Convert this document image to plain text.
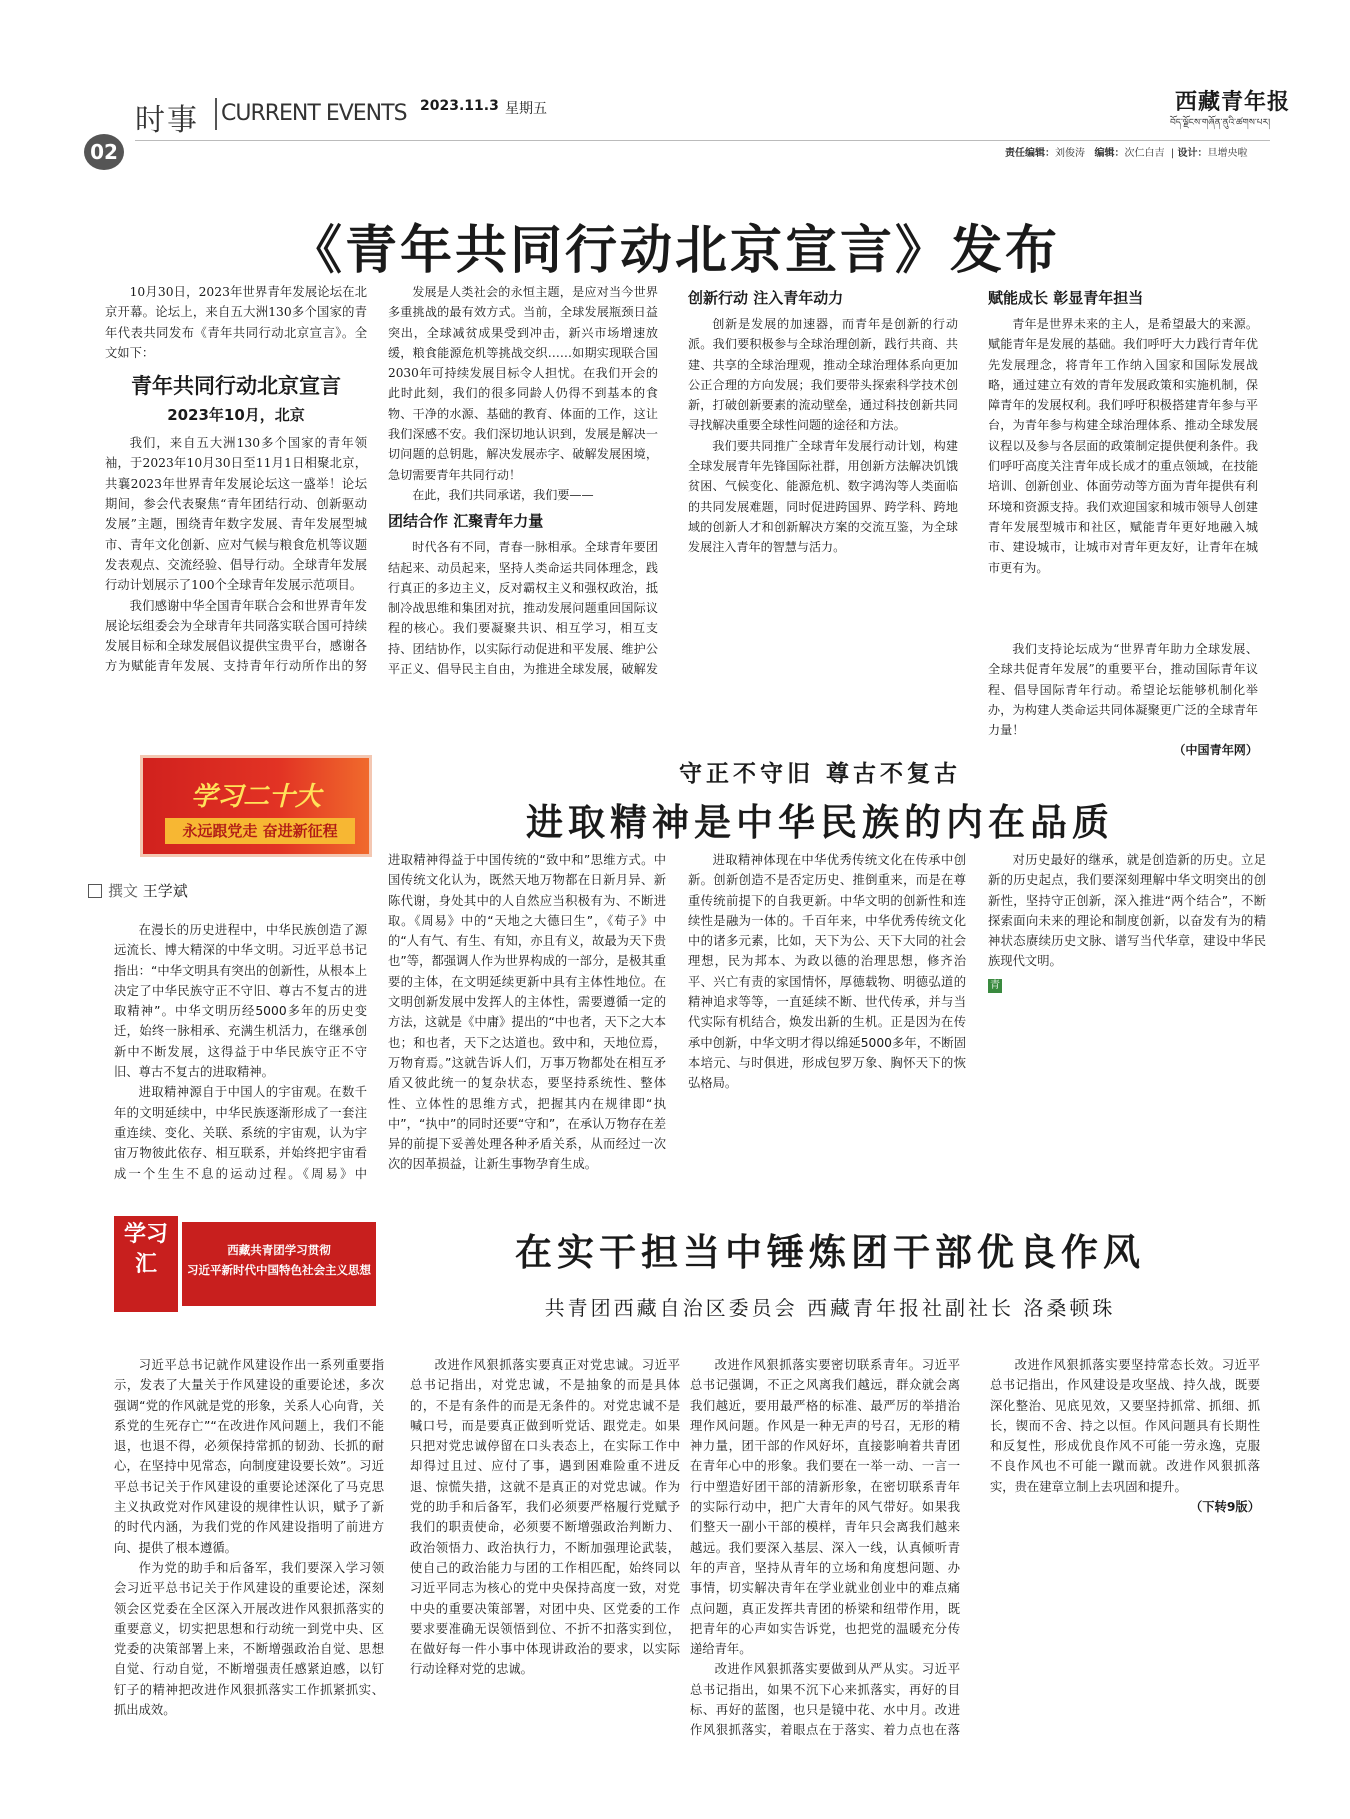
时事 CURRENT EVENTS
02
2023.11.3 星期五	西藏青年报
བོད་ལྗོངས་གཞོན་ནུའི་ཚགས་པར།
责任编辑：刘俊涛 编辑：次仁白吉  | 设计：旦增央啦
《青年共同行动北京宣言》发布

10月30日，2023年世界青年发展论坛在北京开幕。论坛上，来自五大洲130多个国家的青年代表共同发布《青年共同行动北京宣言》。全文如下：

青年共同行动北京宣言
2023年10月，北京

我们，来自五大洲130多个国家的青年领袖，于2023年10月30日至11月1日相聚北京，共襄2023年世界青年发展论坛这一盛举！论坛期间，参会代表聚焦“青年团结行动、创新驱动发展”主题，围绕青年数字发展、青年发展型城市、青年文化创新、应对气候与粮食危机等议题发表观点、交流经验、倡导行动。全球青年发展行动计划展示了100个全球青年发展示范项目。

我们感谢中华全国青年联合会和世界青年发展论坛组委会为全球青年共同落实联合国可持续发展目标和全球发展倡议提供宝贵平台，感谢各方为赋能青年发展、支持青年行动所作出的努

发展是人类社会的永恒主题，是应对当今世界多重挑战的最有效方式。当前，全球发展瓶颈日益突出，全球减贫成果受到冲击，新兴市场增速放缓，粮食能源危机等挑战交织……如期实现联合国2030年可持续发展目标令人担忧。在我们开会的此时此刻，我们的很多同龄人仍得不到基本的食物、干净的水源、基础的教育、体面的工作，这让我们深感不安。我们深切地认识到，发展是解决一切问题的总钥匙，解决发展赤字、破解发展困境，急切需要青年共同行动！

在此，我们共同承诺，我们要——

团结合作 汇聚青年力量

时代各有不同，青春一脉相承。全球青年要团结起来、动员起来，坚持人类命运共同体理念，践行真正的多边主义，反对霸权主义和强权政治，抵制冷战思维和集团对抗，推动发展问题重回国际议程的核心。我们要凝聚共识、相互学习，相互支持、团结协作，以实际行动促进和平发展、维护公平正义、倡导民主自由，为推进全球发展，破解发

创新行动 注入青年动力

创新是发展的加速器，而青年是创新的行动派。我们要积极参与全球治理创新，践行共商、共建、共享的全球治理观，推动全球治理体系向更加公正合理的方向发展；我们要带头探索科学技术创新，打破创新要素的流动壁垒，通过科技创新共同寻找解决重要全球性问题的途径和方法。

我们要共同推广全球青年发展行动计划，构建全球发展青年先锋国际社群，用创新方法解决饥饿贫困、气候变化、能源危机、数字鸿沟等人类面临的共同发展难题，同时促进跨国界、跨学科、跨地域的创新人才和创新解决方案的交流互鉴，为全球发展注入青年的智慧与活力。

赋能成长 彰显青年担当

青年是世界未来的主人，是希望最大的来源。赋能青年是发展的基础。我们呼吁大力践行青年优先发展理念，将青年工作纳入国家和国际发展战略，通过建立有效的青年发展政策和实施机制，保障青年的发展权利。我们呼吁积极搭建青年参与平台，为青年参与构建全球治理体系、推动全球发展议程以及参与各层面的政策制定提供便利条件。我们呼吁高度关注青年成长成才的重点领域，在技能培训、创新创业、体面劳动等方面为青年提供有利环境和资源支持。我们欢迎国家和城市领导人创建青年发展型城市和社区，赋能青年更好地融入城市、建设城市，让城市对青年更友好，让青年在城市更有为。

我们支持论坛成为“世界青年助力全球发展、全球共促青年发展”的重要平台，推动国际青年议程、倡导国际青年行动。希望论坛能够机制化举办，为构建人类命运共同体凝聚更广泛的全球青年力量！

（中国青年网）

学习二十大
永远跟党走 奋进新征程
守正不守旧 尊古不复古
进取精神是中华民族的内在品质
撰文 王学斌

在漫长的历史进程中，中华民族创造了源远流长、博大精深的中华文明。习近平总书记指出：“中华文明具有突出的创新性，从根本上决定了中华民族守正不守旧、尊古不复古的进取精神”。中华文明历经5000多年的历史变迁，始终一脉相承、充满生机活力，在继承创新中不断发展，这得益于中华民族守正不守旧、尊古不复古的进取精神。

进取精神源自于中国人的宇宙观。在数千年的文明延续中，中华民族逐渐形成了一套注重连续、变化、关联、系统的宇宙观，认为宇宙万物彼此依存、相互联系，并始终把宇宙看成一个生生不息的运动过程。《周易》中

进取精神得益于中国传统的“致中和”思维方式。中国传统文化认为，既然天地万物都在日新月异、新陈代谢，身处其中的人自然应当积极有为、不断进取。《周易》中的“天地之大德曰生”，《荀子》中的“人有气、有生、有知，亦且有义，故最为天下贵也”等，都强调人作为世界构成的一部分，是极其重要的主体，在文明延续更新中具有主体性地位。在文明创新发展中发挥人的主体性，需要遵循一定的方法，这就是《中庸》提出的“中也者，天下之大本也；和也者，天下之达道也。致中和，天地位焉，万物育焉。”这就告诉人们，万事万物都处在相互矛盾又彼此统一的复杂状态，要坚持系统性、整体性、立体性的思维方式，把握其内在规律即“执中”，“执中”的同时还要“守和”，在承认万物存在差异的前提下妥善处理各种矛盾关系，从而经过一次次的因革损益，让新生事物孕育生成。

进取精神体现在中华优秀传统文化在传承中创新。创新创造不是否定历史、推倒重来，而是在尊重传统前提下的自我更新。中华文明的创新性和连续性是融为一体的。千百年来，中华优秀传统文化中的诸多元素，比如，天下为公、天下大同的社会理想，民为邦本、为政以德的治理思想，修齐治平、兴亡有责的家国情怀，厚德载物、明德弘道的精神追求等等，一直延续不断、世代传承，并与当代实际有机结合，焕发出新的生机。正是因为在传承中创新，中华文明才得以绵延5000多年，不断固本培元、与时俱进，形成包罗万象、胸怀天下的恢弘格局。

对历史最好的继承，就是创造新的历史。立足新的历史起点，我们要深刻理解中华文明突出的创新性，坚持守正创新，深入推进“两个结合”，不断探索面向未来的理论和制度创新，以奋发有为的精神状态赓续历史文脉、谱写当代华章，建设中华民族现代文明。

青

学习汇
西藏共青团学习贯彻
习近平新时代中国特色社会主义思想	在实干担当中锤炼团干部优良作风
共青团西藏自治区委员会 西藏青年报社副社长 洛桑顿珠

习近平总书记就作风建设作出一系列重要指示，发表了大量关于作风建设的重要论述，多次强调“党的作风就是党的形象，关系人心向背，关系党的生死存亡”“在改进作风问题上，我们不能退，也退不得，必须保持常抓的韧劲、长抓的耐心，在坚持中见常态，向制度建设要长效”。习近平总书记关于作风建设的重要论述深化了马克思主义执政党对作风建设的规律性认识，赋予了新的时代内涵，为我们党的作风建设指明了前进方向、提供了根本遵循。

作为党的助手和后备军，我们要深入学习领会习近平总书记关于作风建设的重要论述，深刻领会区党委在全区深入开展改进作风狠抓落实的重要意义，切实把思想和行动统一到党中央、区党委的决策部署上来，不断增强政治自觉、思想自觉、行动自觉，不断增强责任感紧迫感，以钉钉子的精神把改进作风狠抓落实工作抓紧抓实、抓出成效。

改进作风狠抓落实要真正对党忠诚。习近平总书记指出，对党忠诚，不是抽象的而是具体的，不是有条件的而是无条件的。对党忠诚不是喊口号，而是要真正做到听党话、跟党走。如果只把对党忠诚停留在口头表态上，在实际工作中却得过且过、应付了事，遇到困难险重不进反退、惊慌失措，这就不是真正的对党忠诚。作为党的助手和后备军，我们必须要严格履行党赋予我们的职责使命，必须要不断增强政治判断力、政治领悟力、政治执行力，不断加强理论武装，使自己的政治能力与团的工作相匹配，始终同以习近平同志为核心的党中央保持高度一致，对党中央的重要决策部署，对团中央、区党委的工作要求要准确无误领悟到位、不折不扣落实到位，在做好每一件小事中体现讲政治的要求，以实际行动诠释对党的忠诚。

改进作风狠抓落实要密切联系青年。习近平总书记强调，不正之风离我们越远，群众就会离我们越近，要用最严格的标准、最严厉的举措治理作风问题。作风是一种无声的号召，无形的精神力量，团干部的作风好坏，直接影响着共青团在青年心中的形象。我们要在一举一动、一言一行中塑造好团干部的清新形象，在密切联系青年的实际行动中，把广大青年的风气带好。如果我们整天一副小干部的模样，青年只会离我们越来越远。我们要深入基层、深入一线，认真倾听青年的声音，坚持从青年的立场和角度想问题、办事情，切实解决青年在学业就业创业中的难点痛点问题，真正发挥共青团的桥梁和纽带作用，既把青年的心声如实告诉党，也把党的温暖充分传递给青年。

改进作风狠抓落实要做到从严从实。习近平总书记指出，如果不沉下心来抓落实，再好的目标、再好的蓝图，也只是镜中花、水中月。改进作风狠抓落实，着眼点在于落实、着力点也在落

改进作风狠抓落实要坚持常态长效。习近平总书记指出，作风建设是攻坚战、持久战，既要深化整治、见底见效，又要坚持抓常、抓细、抓长，锲而不舍、持之以恒。作风问题具有长期性和反复性，形成优良作风不可能一劳永逸，克服不良作风也不可能一蹴而就。改进作风狠抓落实，贵在建章立制上去巩固和提升。

（下转9版）
